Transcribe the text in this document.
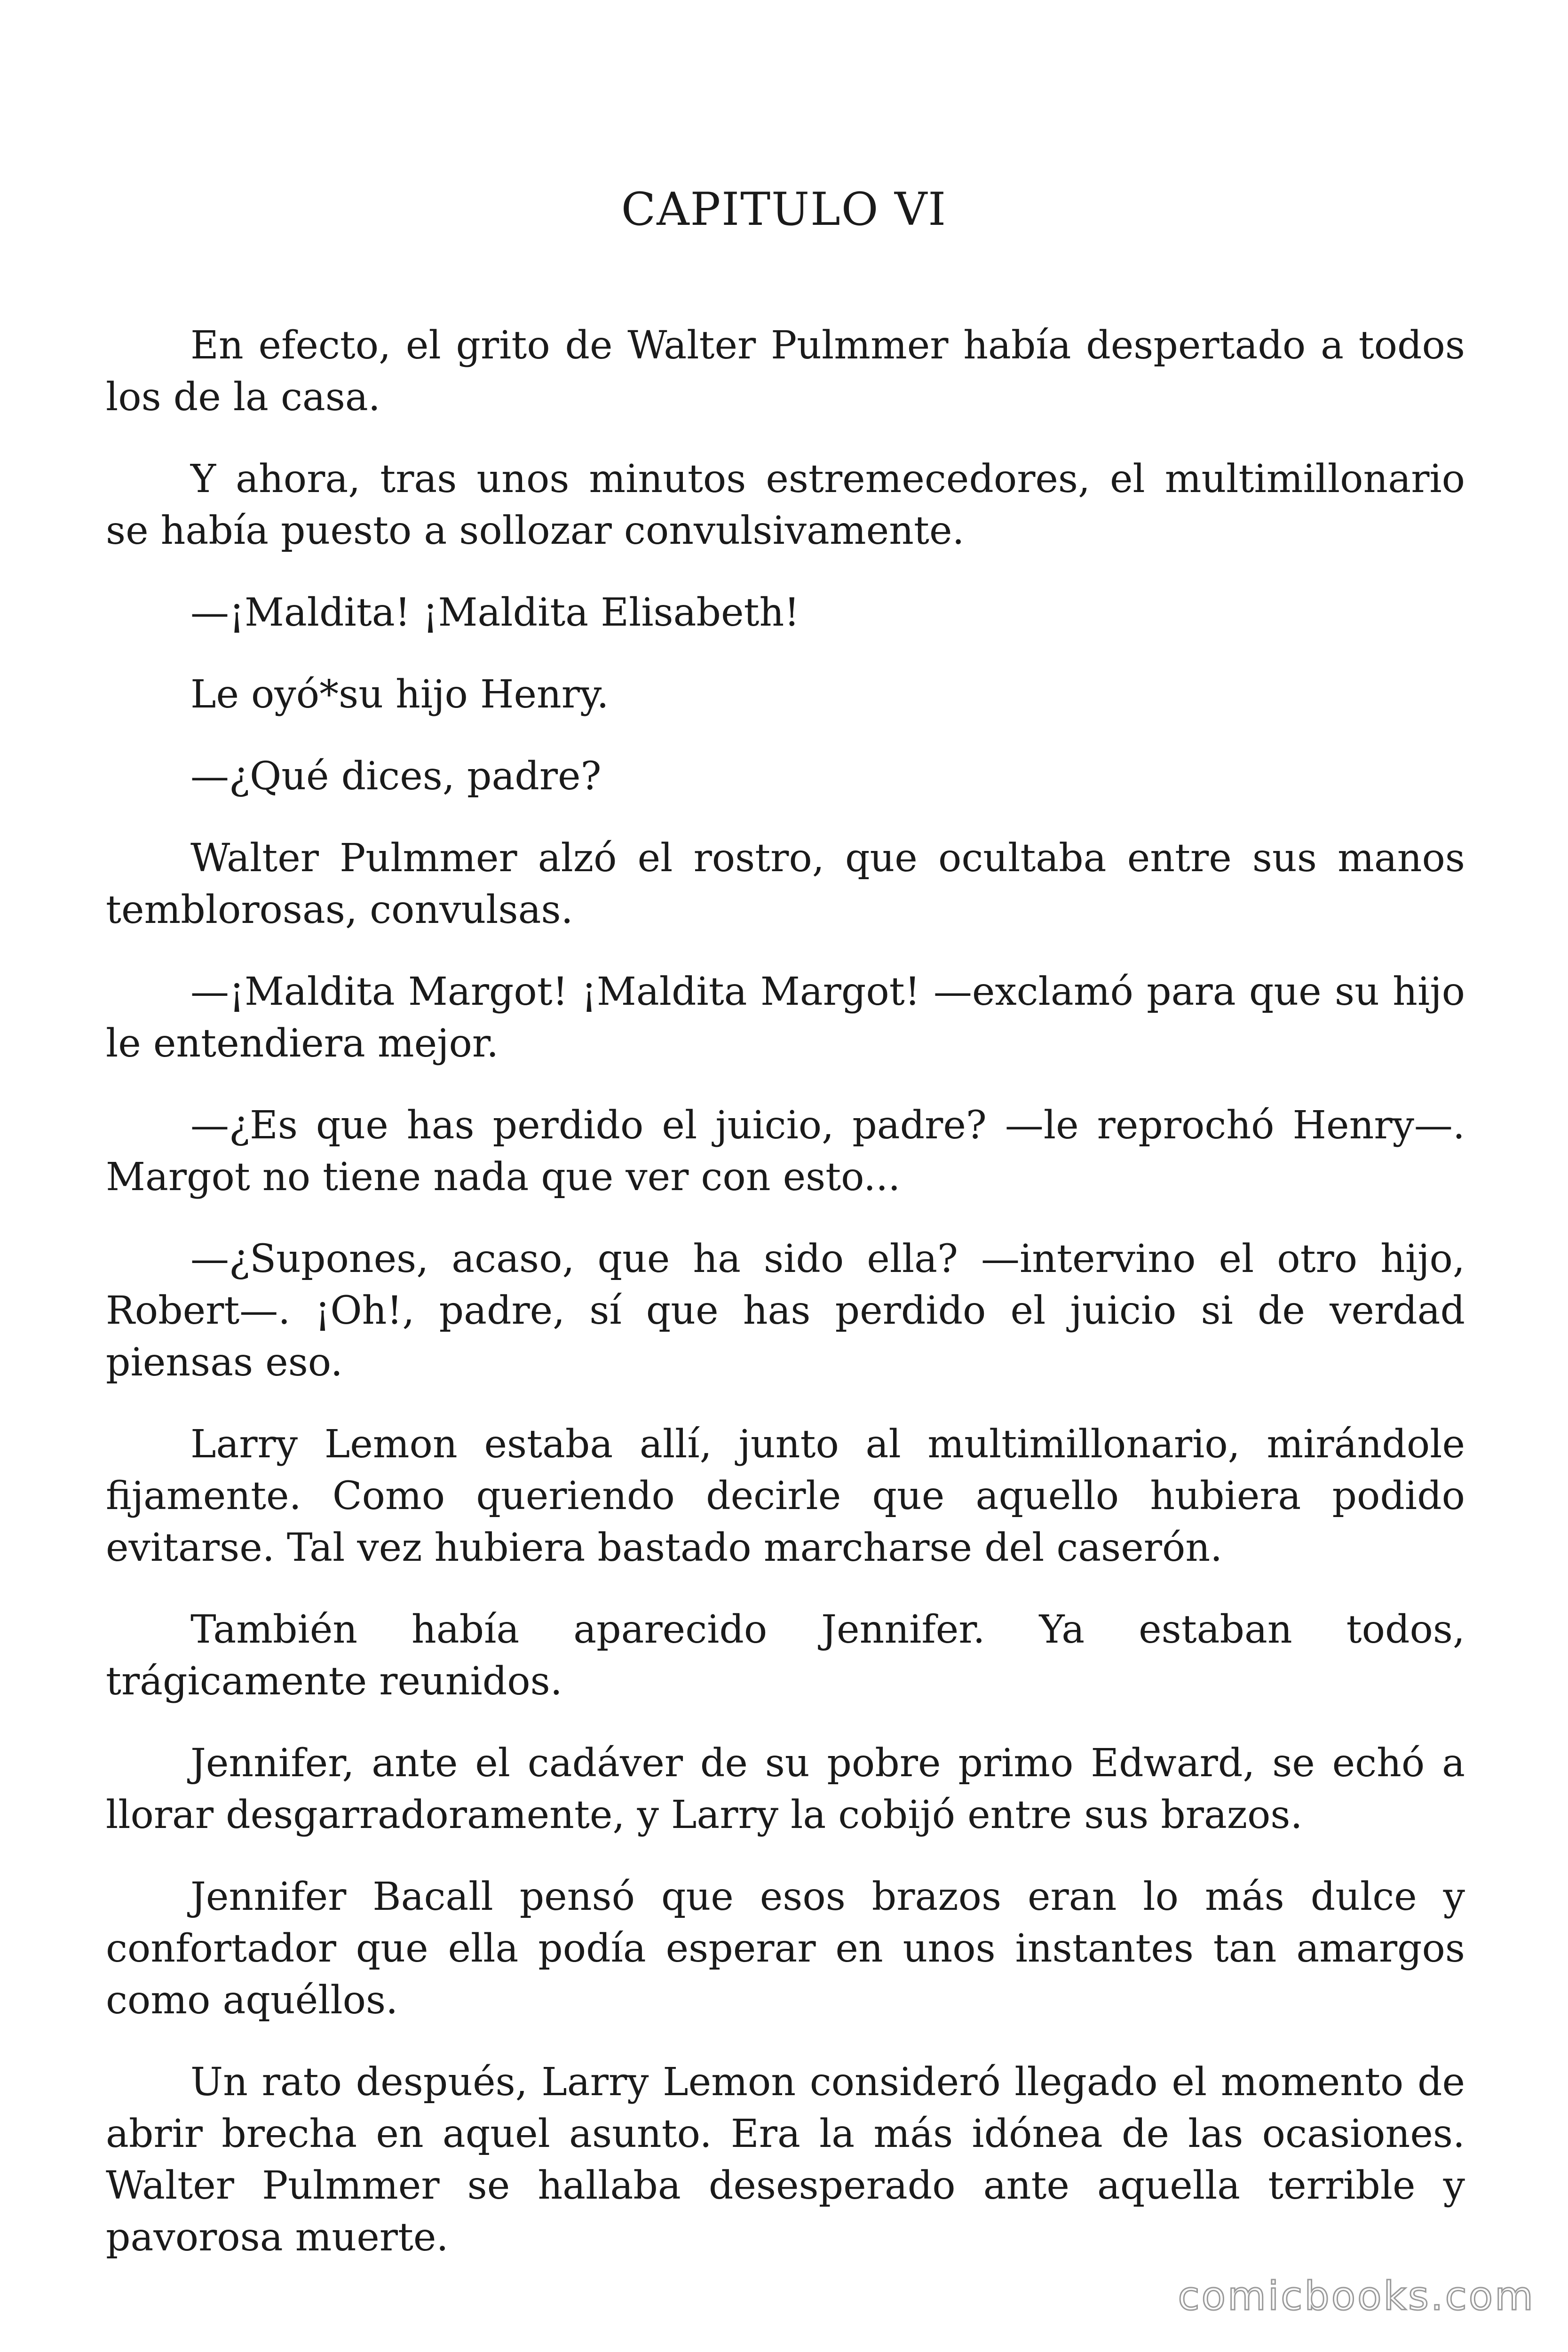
CAPITULO VI

En efecto, el grito de Walter Pulmmer había despertado a todos los de la casa.

Y ahora, tras unos minutos estremecedores, el multimillonario se había puesto a sollozar convulsivamente.

—¡Maldita! ¡Maldita Elisabeth!

Le oyó*su hijo Henry.

—¿Qué dices, padre?

Walter Pulmmer alzó el rostro, que ocultaba entre sus manos temblorosas, convulsas.

—¡Maldita Margot! ¡Maldita Margot! —exclamó para que su hijo le entendiera mejor.

—¿Es que has perdido el juicio, padre? —le reprochó Henry—. Margot no tiene nada que ver con esto...

—¿Supones, acaso, que ha sido ella? —intervino el otro hijo, Robert—. ¡Oh!, padre, sí que has perdido el juicio si de verdad piensas eso.

Larry Lemon estaba allí, junto al multimillonario, mirándole fijamente. Como queriendo decirle que aquello hubiera podido evitarse. Tal vez hubiera bastado marcharse del caserón.

También había aparecido Jennifer. Ya estaban todos, trágicamente reunidos.

Jennifer, ante el cadáver de su pobre primo Edward, se echó a llorar desgarradoramente, y Larry la cobijó entre sus brazos.

Jennifer Bacall pensó que esos brazos eran lo más dulce y confortador que ella podía esperar en unos instantes tan amargos como aquéllos.

Un rato después, Larry Lemon consideró llegado el momento de abrir brecha en aquel asunto. Era la más idónea de las ocasiones. Walter Pulmmer se hallaba desesperado ante aquella terrible y pavorosa muerte.

comicbooks.com
